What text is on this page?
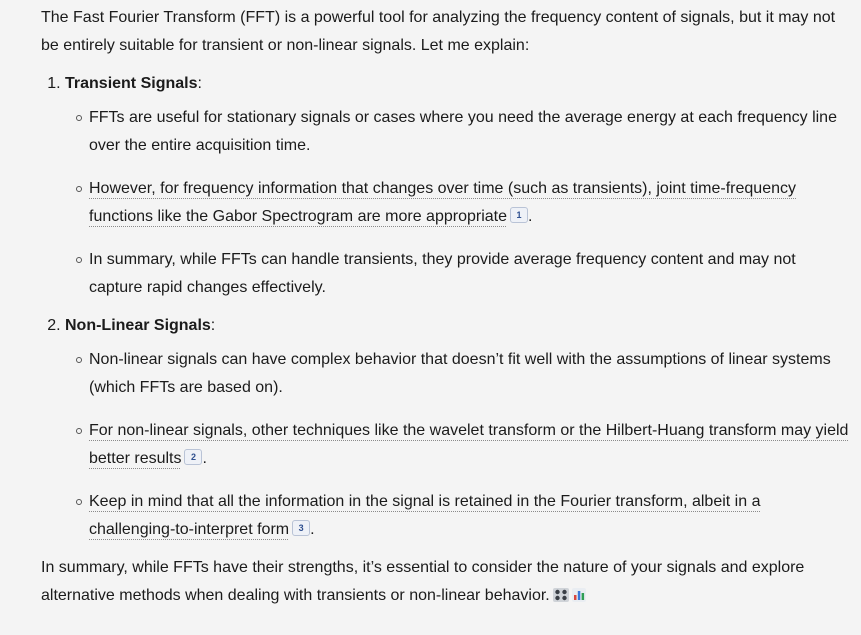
The Fast Fourier Transform (FFT) is a powerful tool for analyzing the frequency content of signals, but it may not be entirely suitable for transient or non-linear signals. Let me explain:

1. Transient Signals:
FFTs are useful for stationary signals or cases where you need the average energy at each frequency line over the entire acquisition time.
However, for frequency information that changes over time (such as transients), joint time-frequency functions like the Gabor Spectrogram are more appropriate 1 .
In summary, while FFTs can handle transients, they provide average frequency content and may not capture rapid changes effectively.
2. Non-Linear Signals:
Non-linear signals can have complex behavior that doesn’t fit well with the assumptions of linear systems (which FFTs are based on).
For non-linear signals, other techniques like the wavelet transform or the Hilbert-Huang transform may yield better results 2 .
Keep in mind that all the information in the signal is retained in the Fourier transform, albeit in a challenging-to-interpret form 3 .

In summary, while FFTs have their strengths, it’s essential to consider the nature of your signals and explore alternative methods when dealing with transients or non-linear behavior.
